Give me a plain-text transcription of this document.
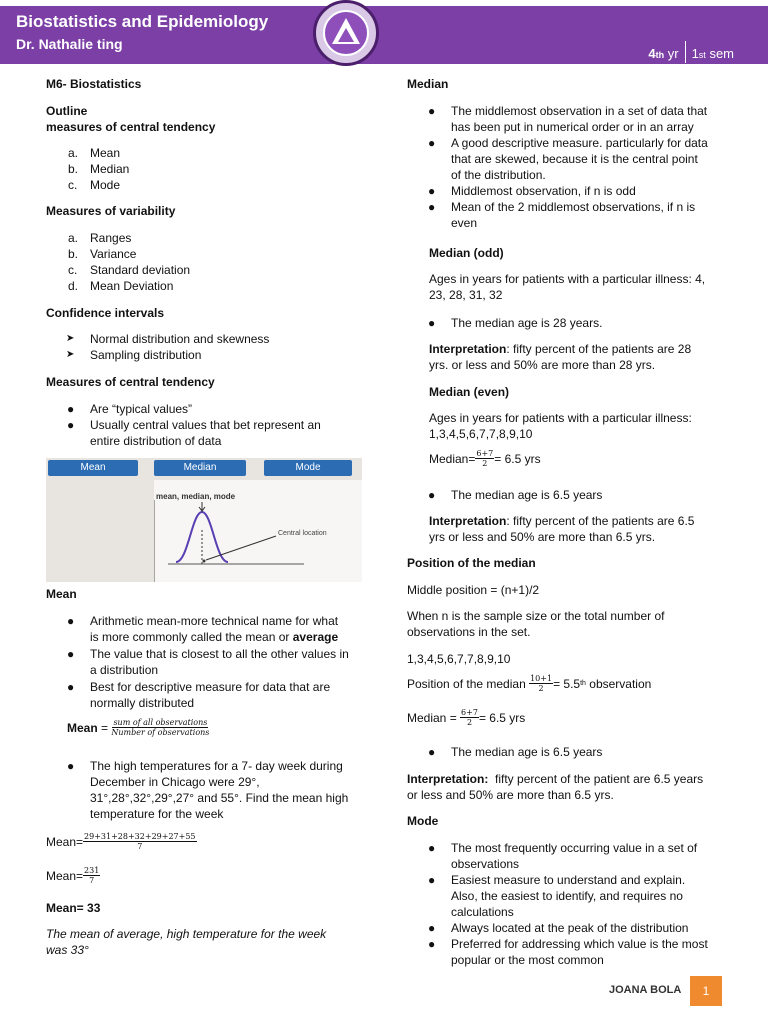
Biostatistics and Epidemiology
Dr. Nathalie ting
4 th
yr 1 st
sem
M6- Biostatistics
Outline
measures of central tendency
a. Mean
b. Median
c. Mode
Measures of variability
a. Ranges
b. Variance
c. Standard deviation
d. Mean Deviation
Confidence intervals
➤ Normal distribution and skewness
➤ Sampling distribution
Measures of central tendency
● Are “typical values”
● Usually central values that bet represent an
entire distribution of data
Mean	Median	Mode
mean, median, mode
Central location
Mean
● Arithmetic mean-more technical name for what
is more commonly called the mean or average
● The value that is closest to all the other values in
a distribution
● Best for descriptive measure for data that are
normally distributed
Mean = $\frac{\text{sum of all observations}}{\text{Number of observations}}$
● The high temperatures for a 7- day week during
December in Chicago were 29°,
31°,28°,32°,29°,27° and 55°. Find the mean high
temperature for the week
Mean= $\frac{29+31+28+32+29+27+55}{7}$
Mean= $\frac{231}{7}$
Mean= 33
The mean of average, high temperature for the week
was 33°
Median
● The middlemost observation in a set of data that
has been put in numerical order or in an array
● A good descriptive measure. particularly for data
that are skewed, because it is the central point
of the distribution.
● Middlemost observation, if n is odd
● Mean of the 2 middlemost observations, if n is
even
Median (odd)
Ages in years for patients with a particular illness: 4,
23, 28, 31, 32
● The median age is 28 years.
Interpretation: fifty percent of the patients are 28
yrs. or less and 50% are more than 28 yrs.
Median (even)
Ages in years for patients with a particular illness:
1,3,4,5,6,7,7,8,9,10
Median= $\frac{6+7}{2} = 6.5$ yrs
● The median age is 6.5 years
Interpretation: fifty percent of the patients are 6.5
yrs or less and 50% are more than 6.5 yrs.
Position of the median
Middle position = (n+1)/2
When n is the sample size or the total number of
observations in the set.
1,3,4,5,6,7,7,8,9,10
Position of the median $\frac{10+1}{2} = 5.5$ th observation
Median = $\frac{6+7}{2} = 6.5$ yrs
● The median age is 6.5 years
Interpretation:  fifty percent of the patient are 6.5 years
or less and 50% are more than 6.5 yrs.
Mode
● The most frequently occurring value in a set of
observations
● Easiest measure to understand and explain.
Also, the easiest to identify, and requires no
calculations
● Always located at the peak of the distribution
● Preferred for addressing which value is the most
popular or the most common
JOANA BOLA	1
